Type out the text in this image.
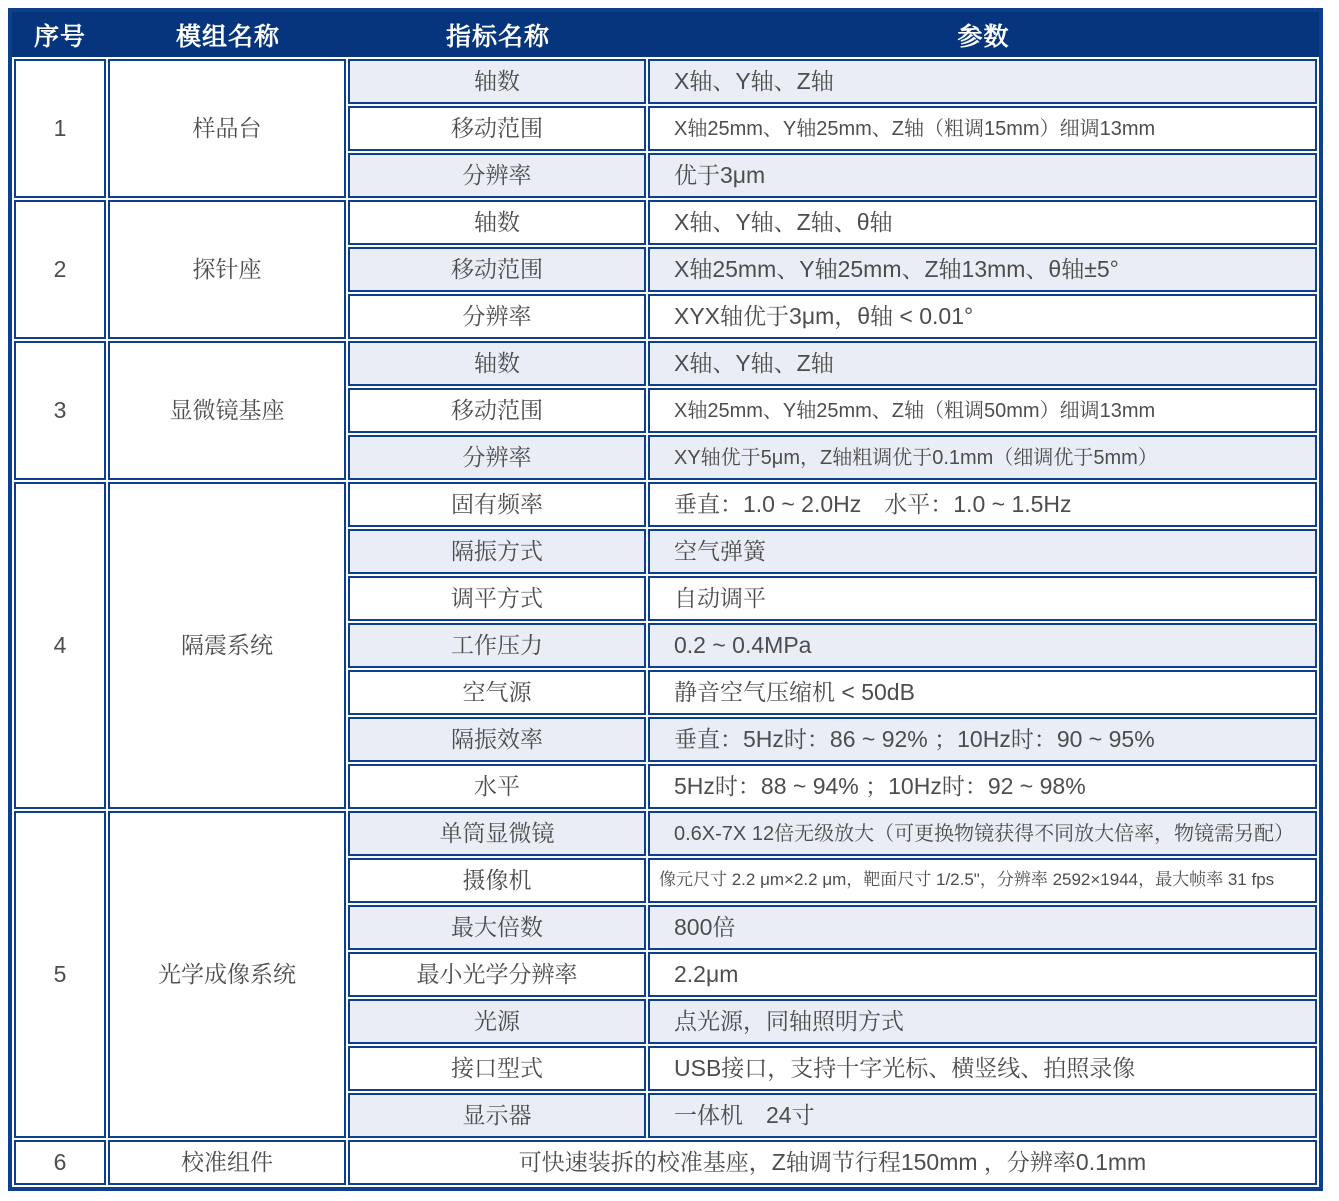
序号	模组名称	指标名称	参数
1	样品台
轴数	X轴、Y轴、Z轴
移动范围	X轴25mm、Y轴25mm、Z轴（粗调15mm）细调13mm
分辨率	优于3μm
2	探针座
轴数	X轴、Y轴、Z轴、θ轴
移动范围	X轴25mm、Y轴25mm、Z轴13mm、θ轴±5°
分辨率	XYX轴优于3μm，θ轴 < 0.01°
3	显微镜基座
轴数	X轴、Y轴、Z轴
移动范围	X轴25mm、Y轴25mm、Z轴（粗调50mm）细调13mm
分辨率	XY轴优于5μm，Z轴粗调优于0.1mm（细调优于5mm）
4	隔震系统
固有频率	垂直：1.0 ~ 2.0Hz　水平：1.0 ~ 1.5Hz
隔振方式	空气弹簧
调平方式	自动调平
工作压力	0.2 ~ 0.4MPa
空气源	静音空气压缩机 < 50dB
隔振效率	垂直：5Hz时：86 ~ 92% ；10Hz时：90 ~ 95%
水平	5Hz时：88 ~ 94% ；10Hz时：92 ~ 98%
5	光学成像系统
单筒显微镜	0.6X-7X 12倍无级放大（可更换物镜获得不同放大倍率，物镜需另配）
摄像机	像元尺寸 2.2 μm×2.2 μm，靶面尺寸 1/2.5"，分辨率 2592×1944，最大帧率 31 fps
最大倍数	800倍
最小光学分辨率	2.2μm
光源	点光源，同轴照明方式
接口型式	USB接口，支持十字光标、横竖线、拍照录像
显示器	一体机　24寸
6	校准组件	可快速装拆的校准基座，Z轴调节行程150mm ，分辨率0.1mm
